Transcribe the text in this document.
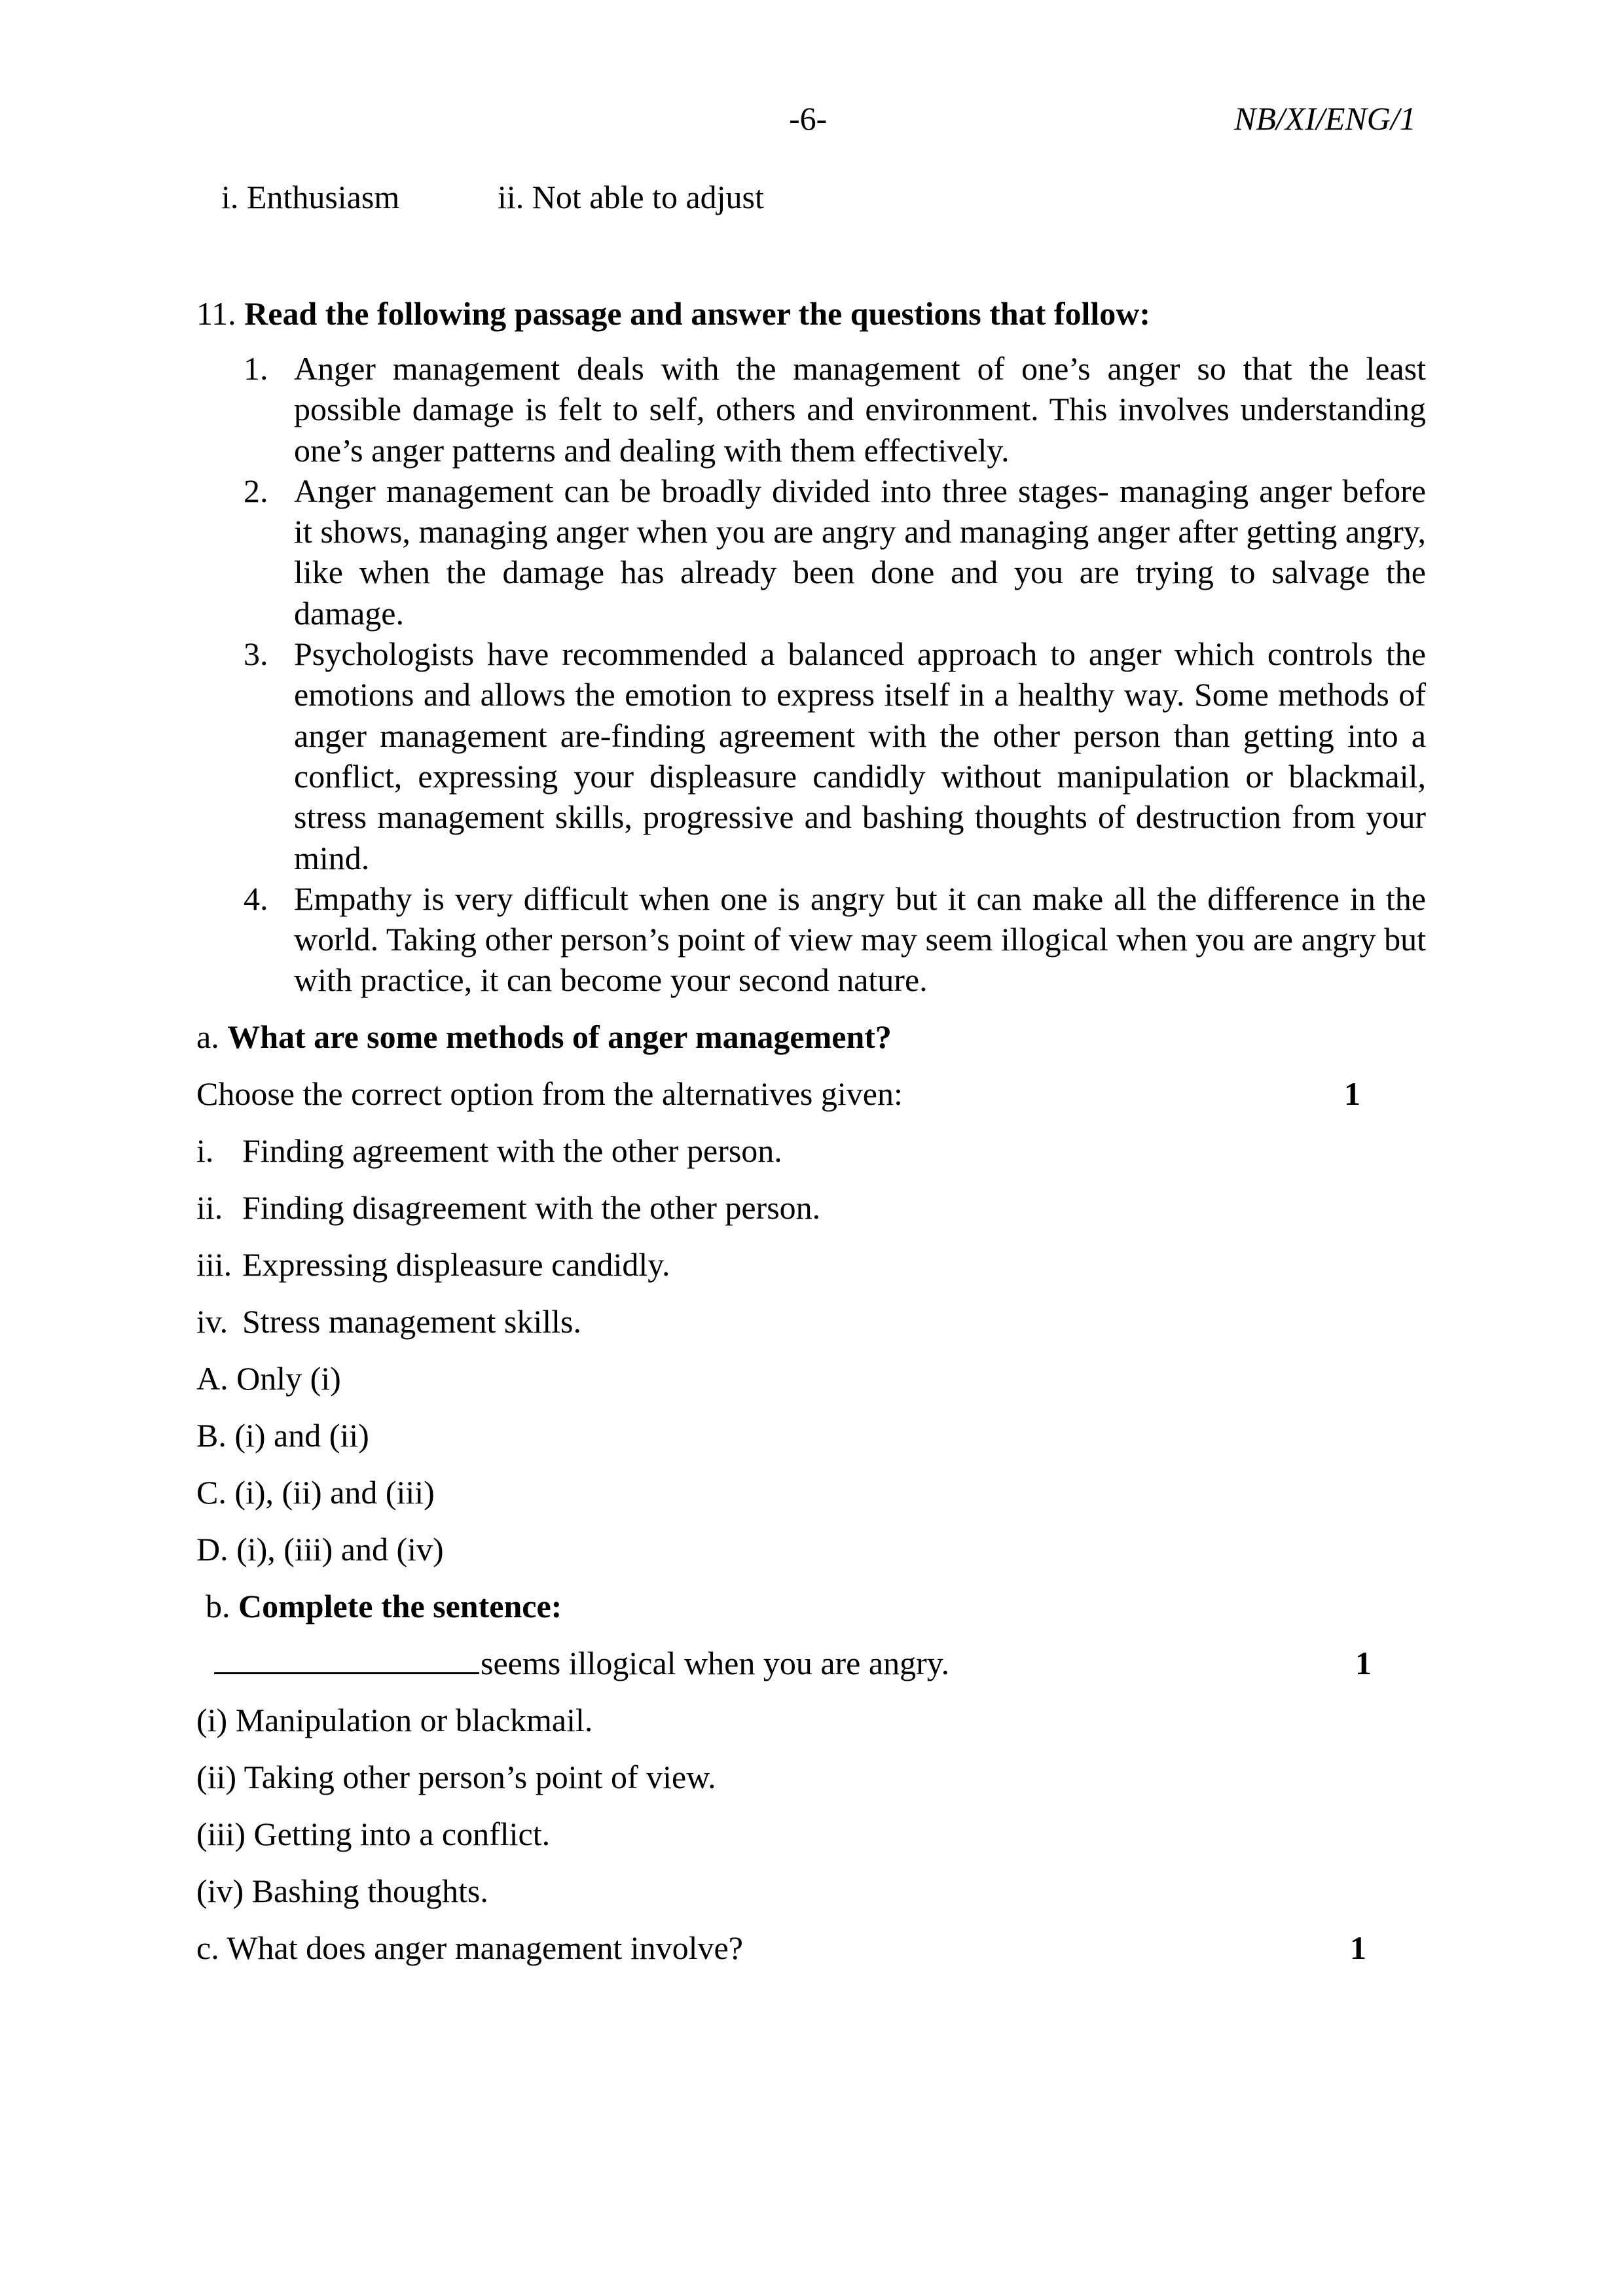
-6-	NB/XI/ENG/1
i. Enthusiasm	ii. Not able to adjust
11. Read the following passage and answer the questions that follow:

1. Anger management deals with the management of one’s anger so that the least possible damage is felt to self, others and environment. This involves understanding one’s anger patterns and dealing with them effectively.

2. Anger management can be broadly divided into three stages- managing anger before it shows, managing anger when you are angry and managing anger after getting angry, like when the damage has already been done and you are trying to salvage the damage.

3. Psychologists have recommended a balanced approach to anger which controls the emotions and allows the emotion to express itself in a healthy way. Some methods of anger management are-finding agreement with the other person than getting into a conflict, expressing your displeasure candidly without manipulation or blackmail, stress management skills, progressive and bashing thoughts of destruction from your mind.

4. Empathy is very difficult when one is angry but it can make all the difference in the world. Taking other person’s point of view may seem illogical when you are angry but with practice, it can become your second nature.

a. What are some methods of anger management?
Choose the correct option from the alternatives given:	1
i. Finding agreement with the other person.
ii. Finding disagreement with the other person.
iii. Expressing displeasure candidly.
iv. Stress management skills.
A. Only (i)
B. (i) and (ii)
C. (i), (ii) and (iii)
D. (i), (iii) and (iv)
b. Complete the sentence:
seems illogical when you are angry.	1
(i) Manipulation or blackmail.
(ii) Taking other person’s point of view.
(iii) Getting into a conflict.
(iv) Bashing thoughts.
c. What does anger management involve?	1
